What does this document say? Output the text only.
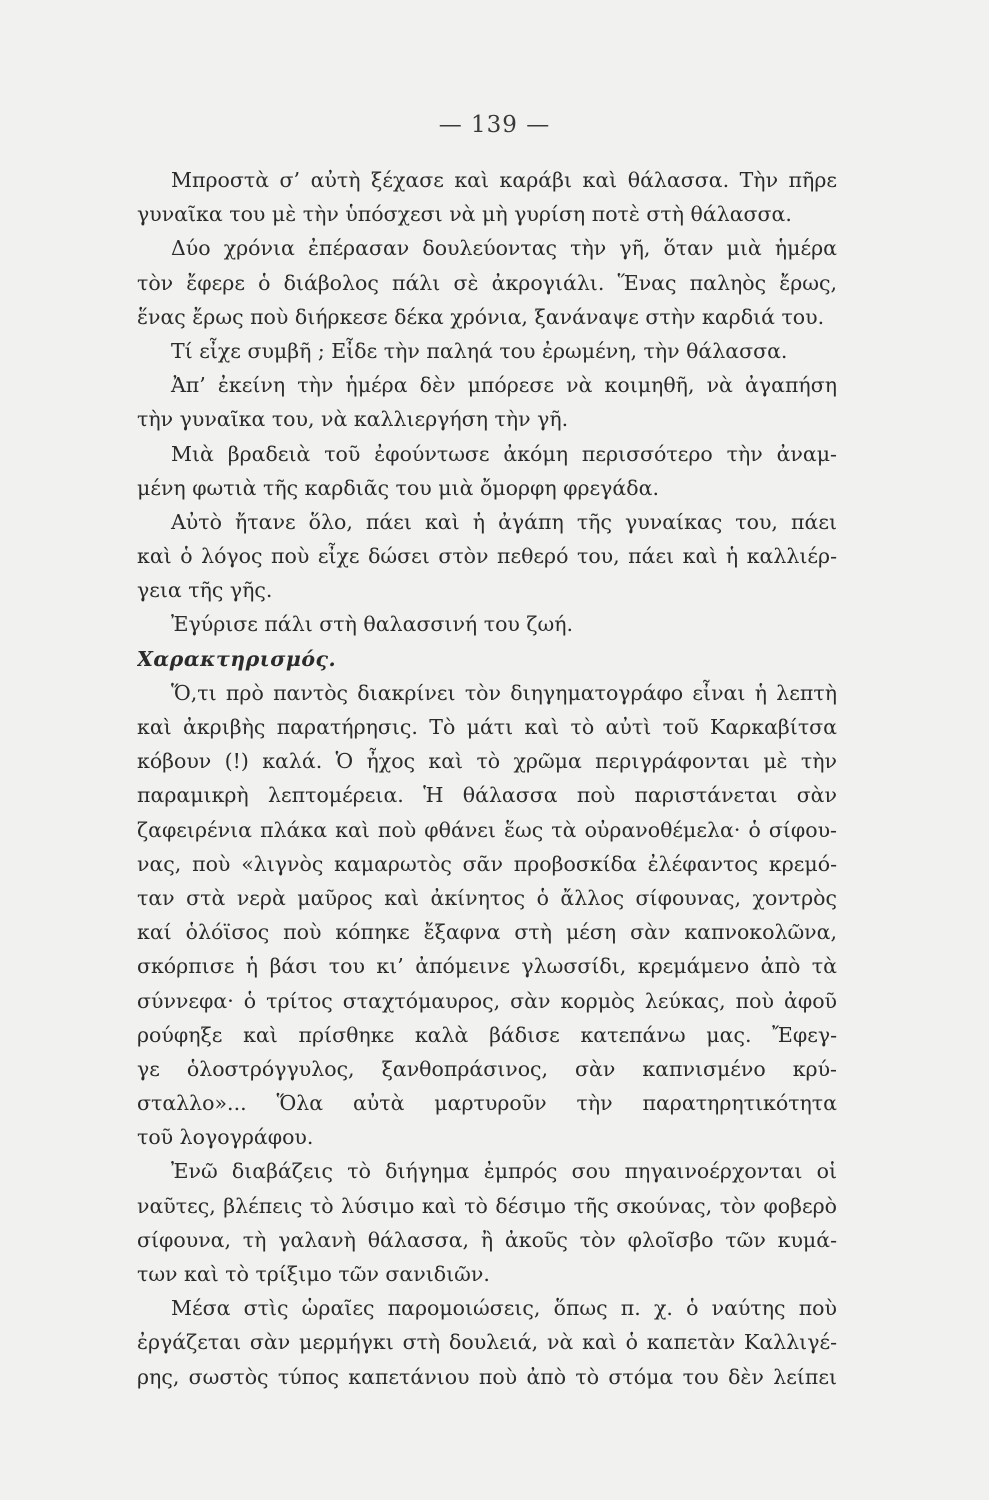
— 139 —
Μπροστὰ σ’ αὐτὴ ξέχασε καὶ καράβι καὶ θάλασσα. Τὴν πῆρε
γυναῖκα του μὲ τὴν ὑπόσχεσι νὰ μὴ γυρίση ποτὲ στὴ θάλασσα.
Δύο χρόνια ἐπέρασαν δουλεύοντας τὴν γῆ, ὅταν μιὰ ἡμέρα
τὸν ἔφερε ὁ διάβολος πάλι σὲ ἀκρογιάλι. Ἕνας παληὸς ἔρως,
ἕνας ἔρως ποὺ διήρκεσε δέκα χρόνια, ξανάναψε στὴν καρδιά του.
Τί εἶχε συμβῆ ; Εἶδε τὴν παληά του ἐρωμένη, τὴν θάλασσα.
Ἀπ’ ἐκείνη τὴν ἡμέρα δὲν μπόρεσε νὰ κοιμηθῆ, νὰ ἀγαπήση
τὴν γυναῖκα του, νὰ καλλιεργήση τὴν γῆ.
Μιὰ βραδειὰ τοῦ ἐφούντωσε ἀκόμη περισσότερο τὴν ἀναμ-
μένη φωτιὰ τῆς καρδιᾶς του μιὰ ὄμορφη φρεγάδα.
Αὐτὸ ἤτανε ὅλο, πάει καὶ ἡ ἀγάπη τῆς γυναίκας του, πάει
καὶ ὁ λόγος ποὺ εἶχε δώσει στὸν πεθερό του, πάει καὶ ἡ καλλιέρ-
γεια τῆς γῆς.
Ἐγύρισε πάλι στὴ θαλασσινή του ζωή.
Χαρακτηρισμός.
Ὅ,τι πρὸ παντὸς διακρίνει τὸν διηγηματογράφο εἶναι ἡ λεπτὴ
καὶ ἀκριβὴς παρατήρησις. Τὸ μάτι καὶ τὸ αὐτὶ τοῦ Καρκαβίτσα
κόβουν (!) καλά. Ὁ ἦχος καὶ τὸ χρῶμα περιγράφονται μὲ τὴν
παραμικρὴ λεπτομέρεια. Ἡ θάλασσα ποὺ παριστάνεται σὰν
ζαφειρένια πλάκα καὶ ποὺ φθάνει ἕως τὰ οὐρανοθέμελα· ὁ σίφου-
νας, ποὺ «λιγνὸς καμαρωτὸς σᾶν προβοσκίδα ἐλέφαντος κρεμό-
ταν στὰ νερὰ μαῦρος καὶ ἀκίνητος ὁ ἄλλος σίφουνας, χοντρὸς
καί ὁλόϊσος ποὺ κόπηκε ἔξαφνα στὴ μέση σὰν καπνοκολῶνα,
σκόρπισε ἡ βάσι του κι’ ἀπόμεινε γλωσσίδι, κρεμάμενο ἀπὸ τὰ
σύννεφα· ὁ τρίτος σταχτόμαυρος, σὰν κορμὸς λεύκας, ποὺ ἀφοῦ
ρούφηξε καὶ πρίσθηκε καλὰ βάδισε κατεπάνω μας. Ἔφεγ-
γε ὁλοστρόγγυλος, ξανθοπράσινος, σὰν καπνισμένο κρύ-
σταλλο»... Ὅλα αὐτὰ μαρτυροῦν τὴν παρατηρητικότητα
τοῦ λογογράφου.
Ἐνῶ διαβάζεις τὸ διήγημα ἐμπρός σου πηγαινοέρχονται οἱ
ναῦτες, βλέπεις τὸ λύσιμο καὶ τὸ δέσιμο τῆς σκούνας, τὸν φοβερὸ
σίφουνα, τὴ γαλανὴ θάλασσα, ἢ ἀκοῦς τὸν φλοῖσβο τῶν κυμά-
των καὶ τὸ τρίξιμο τῶν σανιδιῶν.
Μέσα στὶς ὡραῖες παρομοιώσεις, ὅπως π. χ. ὁ ναύτης ποὺ
ἐργάζεται σὰν μερμήγκι στὴ δουλειά, νὰ καὶ ὁ καπετὰν Καλλιγέ-
ρης, σωστὸς τύπος καπετάνιου ποὺ ἀπὸ τὸ στόμα του δὲν λείπει
